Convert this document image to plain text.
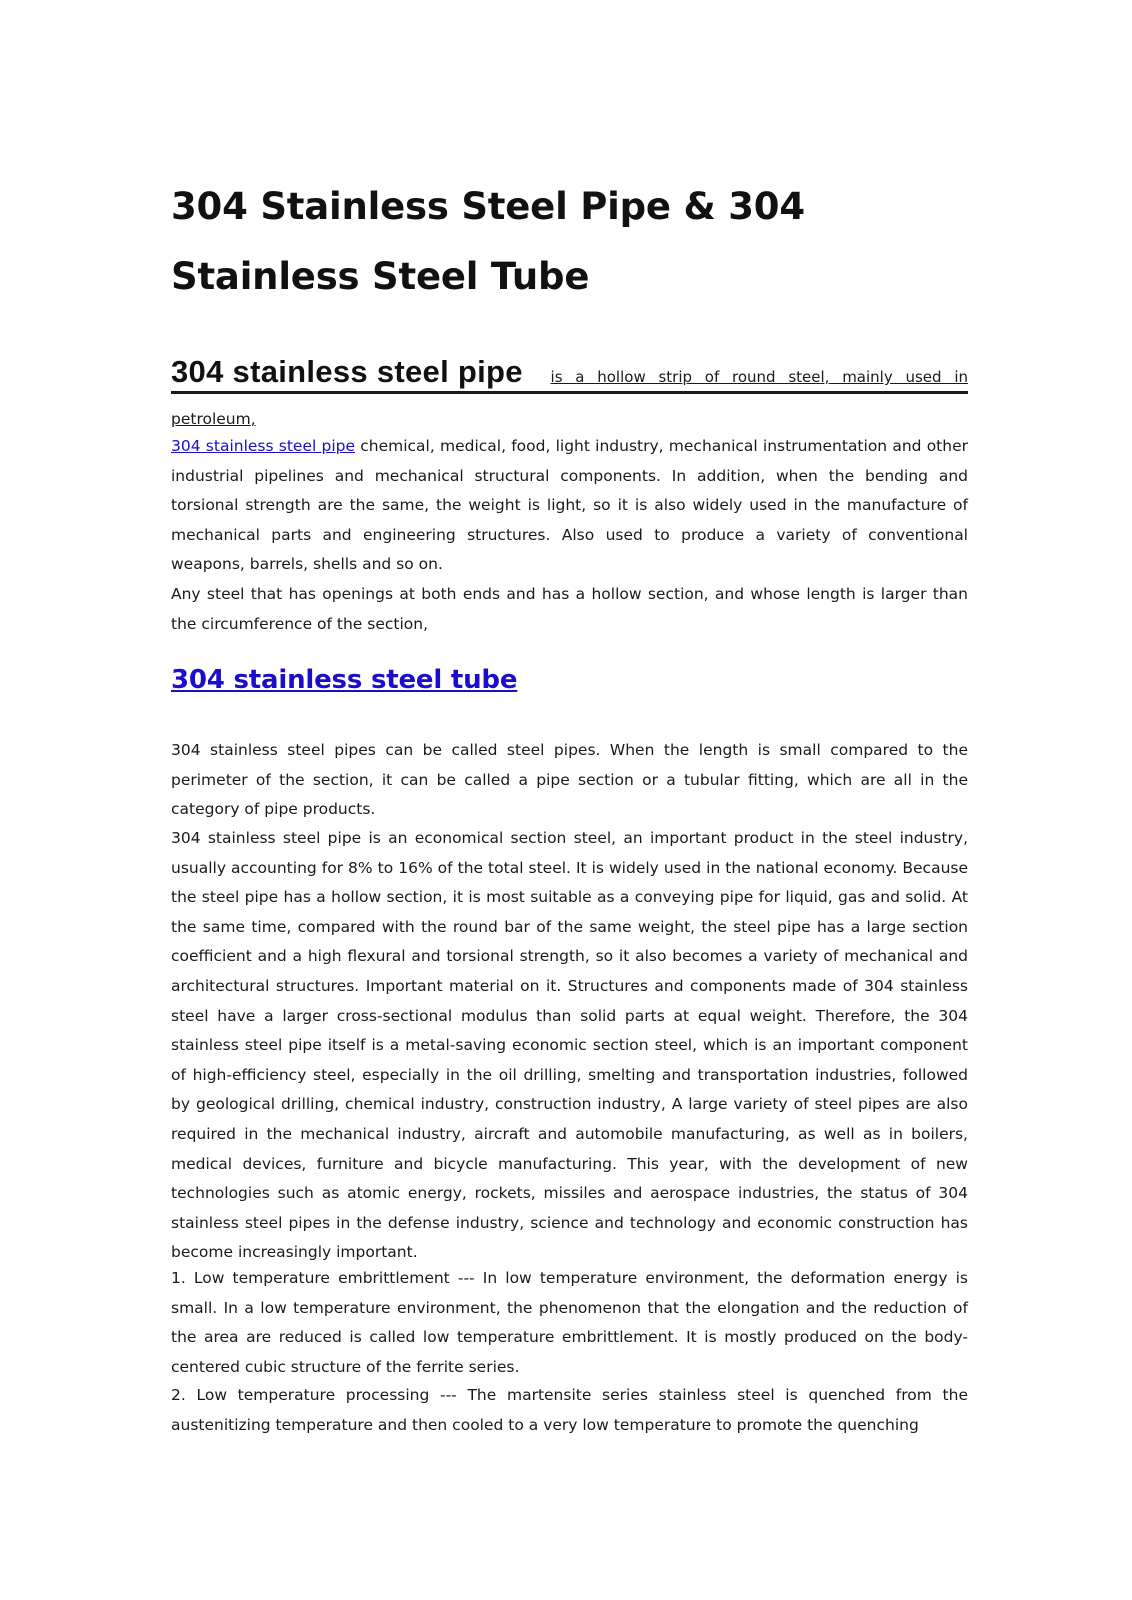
304 Stainless Steel Pipe & 304 Stainless Steel Tube
304 stainless steel pipe is a hollow strip of round steel, mainly used in
petroleum,

304 stainless steel pipe chemical, medical, food, light industry, mechanical instrumentation and other industrial pipelines and mechanical structural components. In addition, when the bending and torsional strength are the same, the weight is light, so it is also widely used in the manufacture of mechanical parts and engineering structures. Also used to produce a variety of conventional weapons, barrels, shells and so on.

Any steel that has openings at both ends and has a hollow section, and whose length is larger than the circumference of the section,

304 stainless steel tube

304 stainless steel pipes can be called steel pipes. When the length is small compared to the perimeter of the section, it can be called a pipe section or a tubular fitting, which are all in the category of pipe products.

304 stainless steel pipe is an economical section steel, an important product in the steel industry, usually accounting for 8% to 16% of the total steel. It is widely used in the national economy. Because the steel pipe has a hollow section, it is most suitable as a conveying pipe for liquid, gas and solid. At the same time, compared with the round bar of the same weight, the steel pipe has a large section coefficient and a high flexural and torsional strength, so it also becomes a variety of mechanical and architectural structures. Important material on it. Structures and components made of 304 stainless steel have a larger cross-sectional modulus than solid parts at equal weight. Therefore, the 304 stainless steel pipe itself is a metal-saving economic section steel, which is an important component of high-efficiency steel, especially in the oil drilling, smelting and transportation industries, followed by geological drilling, chemical industry, construction industry, A large variety of steel pipes are also required in the mechanical industry, aircraft and automobile manufacturing, as well as in boilers, medical devices, furniture and bicycle manufacturing. This year, with the development of new technologies such as atomic energy, rockets, missiles and aerospace industries, the status of 304 stainless steel pipes in the defense industry, science and technology and economic construction has become increasingly important.

1. Low temperature embrittlement --- In low temperature environment, the deformation energy is small. In a low temperature environment, the phenomenon that the elongation and the reduction of the area are reduced is called low temperature embrittlement. It is mostly produced on the body-centered cubic structure of the ferrite series.

2. Low temperature processing --- The martensite series stainless steel is quenched from the austenitizing temperature and then cooled to a very low temperature to promote the quenching
